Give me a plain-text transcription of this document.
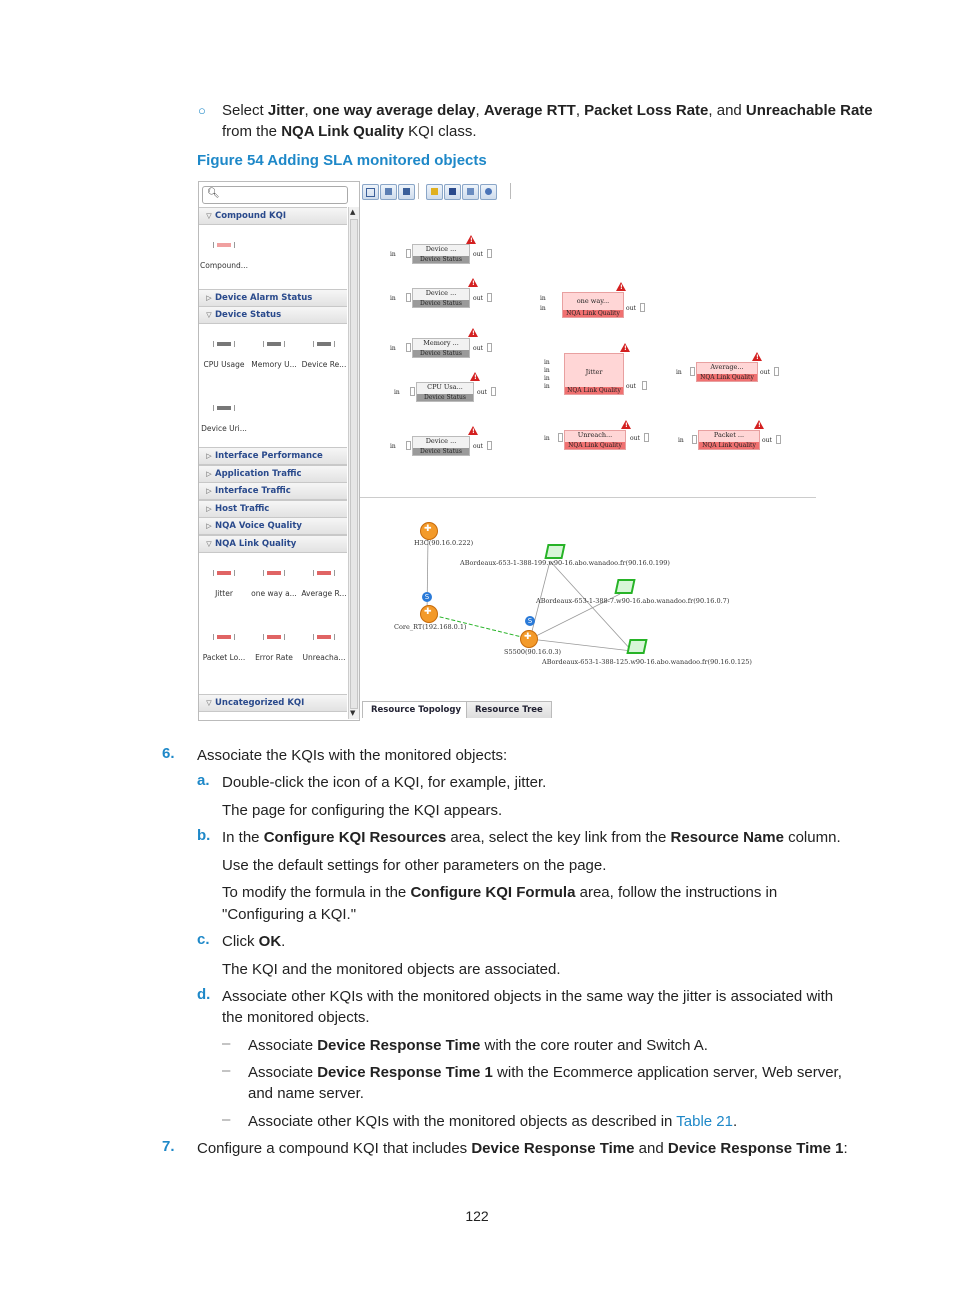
○ Select Jitter, one way average delay, Average RTT, Packet Loss Rate, and Unreachable Rate
from the NQA Link Quality KQI class.
Figure 54 Adding SLA monitored objects
🔍︎
▲
▼
▽ Compound KQI
Compound...
▷ Device Alarm Status
▽ Device Status
CPU Usage Memory U... Device Re...
Device Uri...
▷ Interface Performance
▷ Application Traffic
▷ Interface Traffic
▷ Host Traffic
▷ NQA Voice Quality
▽ NQA Link Quality
Jitter	one way a... Average R...
Packet Lo...	Error Rate	Unreacha...
▽ Uncategorized KQI
in
Device ...
Device Status
out
!
in
Device ...
Device Status
out
!
in
Memory ...
Device Status
out
!
in
CPU Usa...
Device Status
out
!
in
Device ...
Device Status
out
!
in
in
one way...
NQA Link Quality
out
!
in
in
in
in
Jitter
NQA Link Quality
out
!
in	Unreach...
NQA Link Quality
out
!
in
Average...
NQA Link Quality
out
!
in
Packet ...
NQA Link Quality
out
!
✚
H3C(90.16.0.222)
ABordeaux-653-1-388-199.w90-16.abo.wanadoo.fr(90.16.0.199)
ABordeaux-653-1-388-7.w90-16.abo.wanadoo.fr(90.16.0.7)
S
✚
Core_RT(192.168.0.1)
S
✚
S5500(90.16.0.3)
ABordeaux-653-1-388-125.w90-16.abo.wanadoo.fr(90.16.0.125)
Resource Topology	Resource Tree
6. Associate the KQIs with the monitored objects:
a. Double-click the icon of a KQI, for example, jitter.
The page for configuring the KQI appears.
b. In the Configure KQI Resources area, select the key link from the Resource Name column.
Use the default settings for other parameters on the page.
To modify the formula in the Configure KQI Formula area, follow the instructions in
"Configuring a KQI."
c. Click OK.
The KQI and the monitored objects are associated.
d. Associate other KQIs with the monitored objects in the same way the jitter is associated with
the monitored objects.
– Associate Device Response Time with the core router and Switch A.
– Associate Device Response Time 1 with the Ecommerce application server, Web server,
and name server.
– Associate other KQIs with the monitored objects as described in Table 21.
7. Configure a compound KQI that includes Device Response Time and Device Response Time 1:
122
